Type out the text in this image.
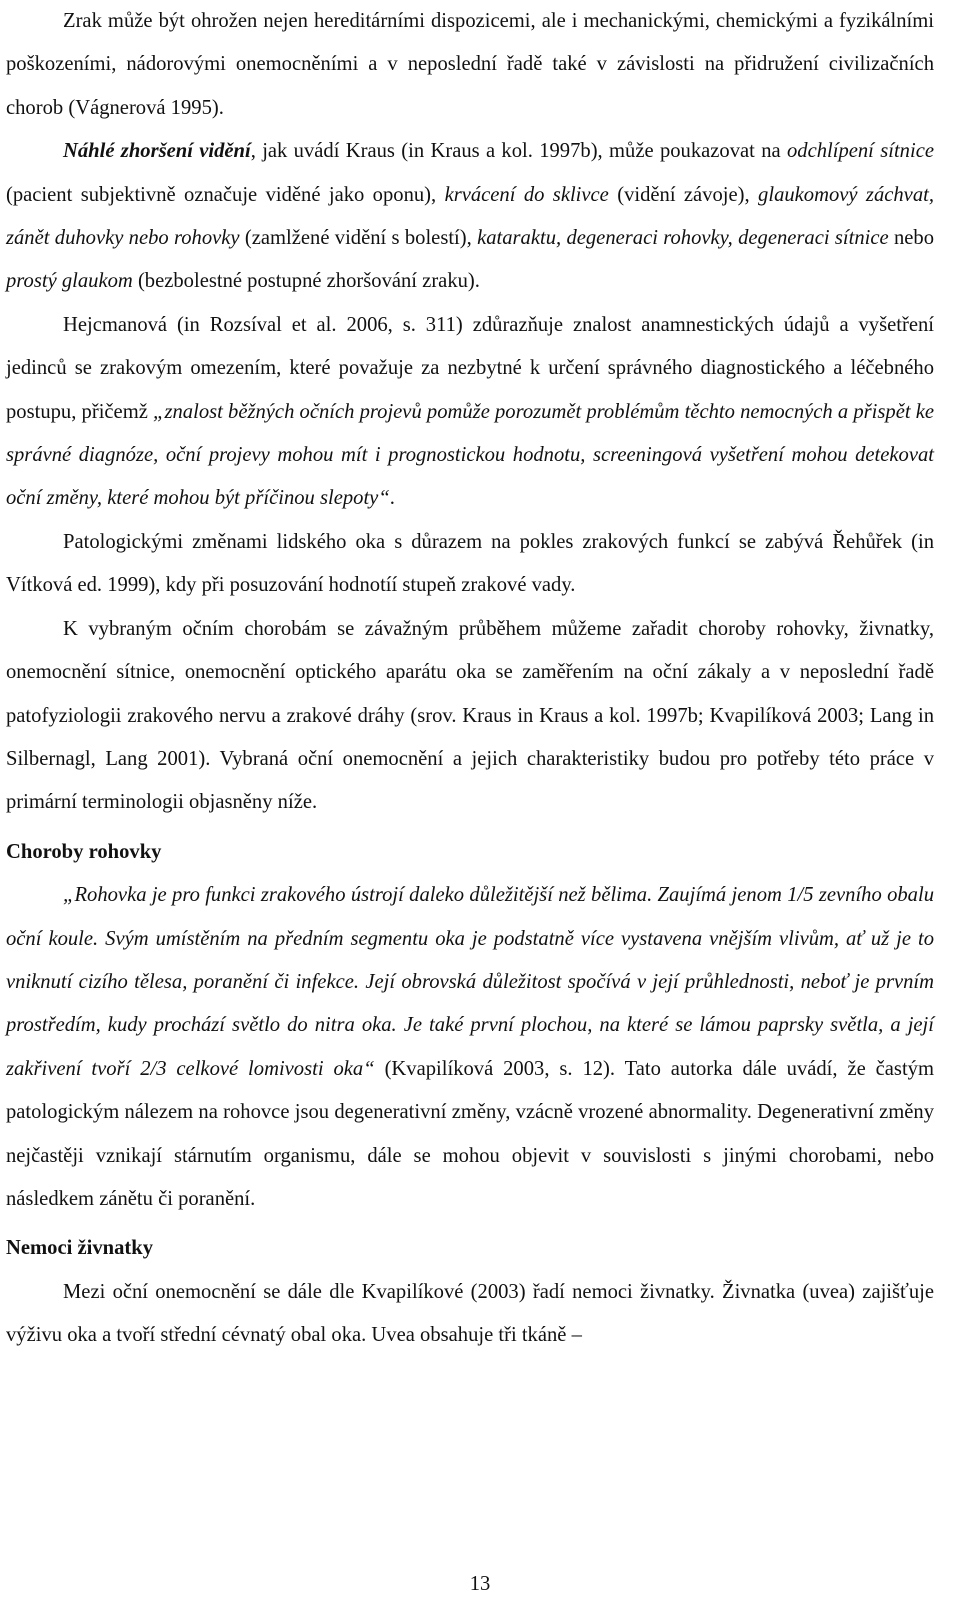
Zrak může být ohrožen nejen hereditárními dispozicemi, ale i mechanickými, chemickými a fyzikálními poškozeními, nádorovými onemocněními a v neposlední řadě také v závislosti na přidružení civilizačních chorob (Vágnerová 1995).

Náhlé zhoršení vidění, jak uvádí Kraus (in Kraus a kol. 1997b), může poukazovat na odchlípení sítnice (pacient subjektivně označuje viděné jako oponu), krvácení do sklivce (vidění závoje), glaukomový záchvat, zánět duhovky nebo rohovky (zamlžené vidění s bolestí), kataraktu, degeneraci rohovky, degeneraci sítnice nebo prostý glaukom (bezbolestné postupné zhoršování zraku).

Hejcmanová (in Rozsíval et al. 2006, s. 311) zdůrazňuje znalost anamnestických údajů a vyšetření jedinců se zrakovým omezením, které považuje za nezbytné k určení správného diagnostického a léčebného postupu, přičemž „znalost běžných očních projevů pomůže porozumět problémům těchto nemocných a přispět ke správné diagnóze, oční projevy mohou mít i prognostickou hodnotu, screeningová vyšetření mohou detekovat oční změny, které mohou být příčinou slepoty“.

Patologickými změnami lidského oka s důrazem na pokles zrakových funkcí se zabývá Řehůřek (in Vítková ed. 1999), kdy při posuzování hodnotíí stupeň zrakové vady.

K vybraným očním chorobám se závažným průběhem můžeme zařadit choroby rohovky, živnatky, onemocnění sítnice, onemocnění optického aparátu oka se zaměřením na oční zákaly a v neposlední řadě patofyziologii zrakového nervu a zrakové dráhy (srov. Kraus in Kraus a kol. 1997b; Kvapilíková 2003; Lang in Silbernagl, Lang 2001). Vybraná oční onemocnění a jejich charakteristiky budou pro potřeby této práce v primární terminologii objasněny níže.

Choroby rohovky

„Rohovka je pro funkci zrakového ústrojí daleko důležitější než bělima. Zaujímá jenom 1/5 zevního obalu oční koule. Svým umístěním na předním segmentu oka je podstatně více vystavena vnějším vlivům, ať už je to vniknutí cizího tělesa, poranění či infekce. Její obrovská důležitost spočívá v její průhlednosti, neboť je prvním prostředím, kudy prochází světlo do nitra oka. Je také první plochou, na které se lámou paprsky světla, a její zakřivení tvoří 2/3 celkové lomivosti oka“ (Kvapilíková 2003, s. 12). Tato autorka dále uvádí, že častým patologickým nálezem na rohovce jsou degenerativní změny, vzácně vrozené abnormality. Degenerativní změny nejčastěji vznikají stárnutím organismu, dále se mohou objevit v souvislosti s jinými chorobami, nebo následkem zánětu či poranění.

Nemoci živnatky

Mezi oční onemocnění se dále dle Kvapilíkové (2003) řadí nemoci živnatky. Živnatka (uvea) zajišťuje výživu oka a tvoří střední cévnatý obal oka. Uvea obsahuje tři tkáně –

13
